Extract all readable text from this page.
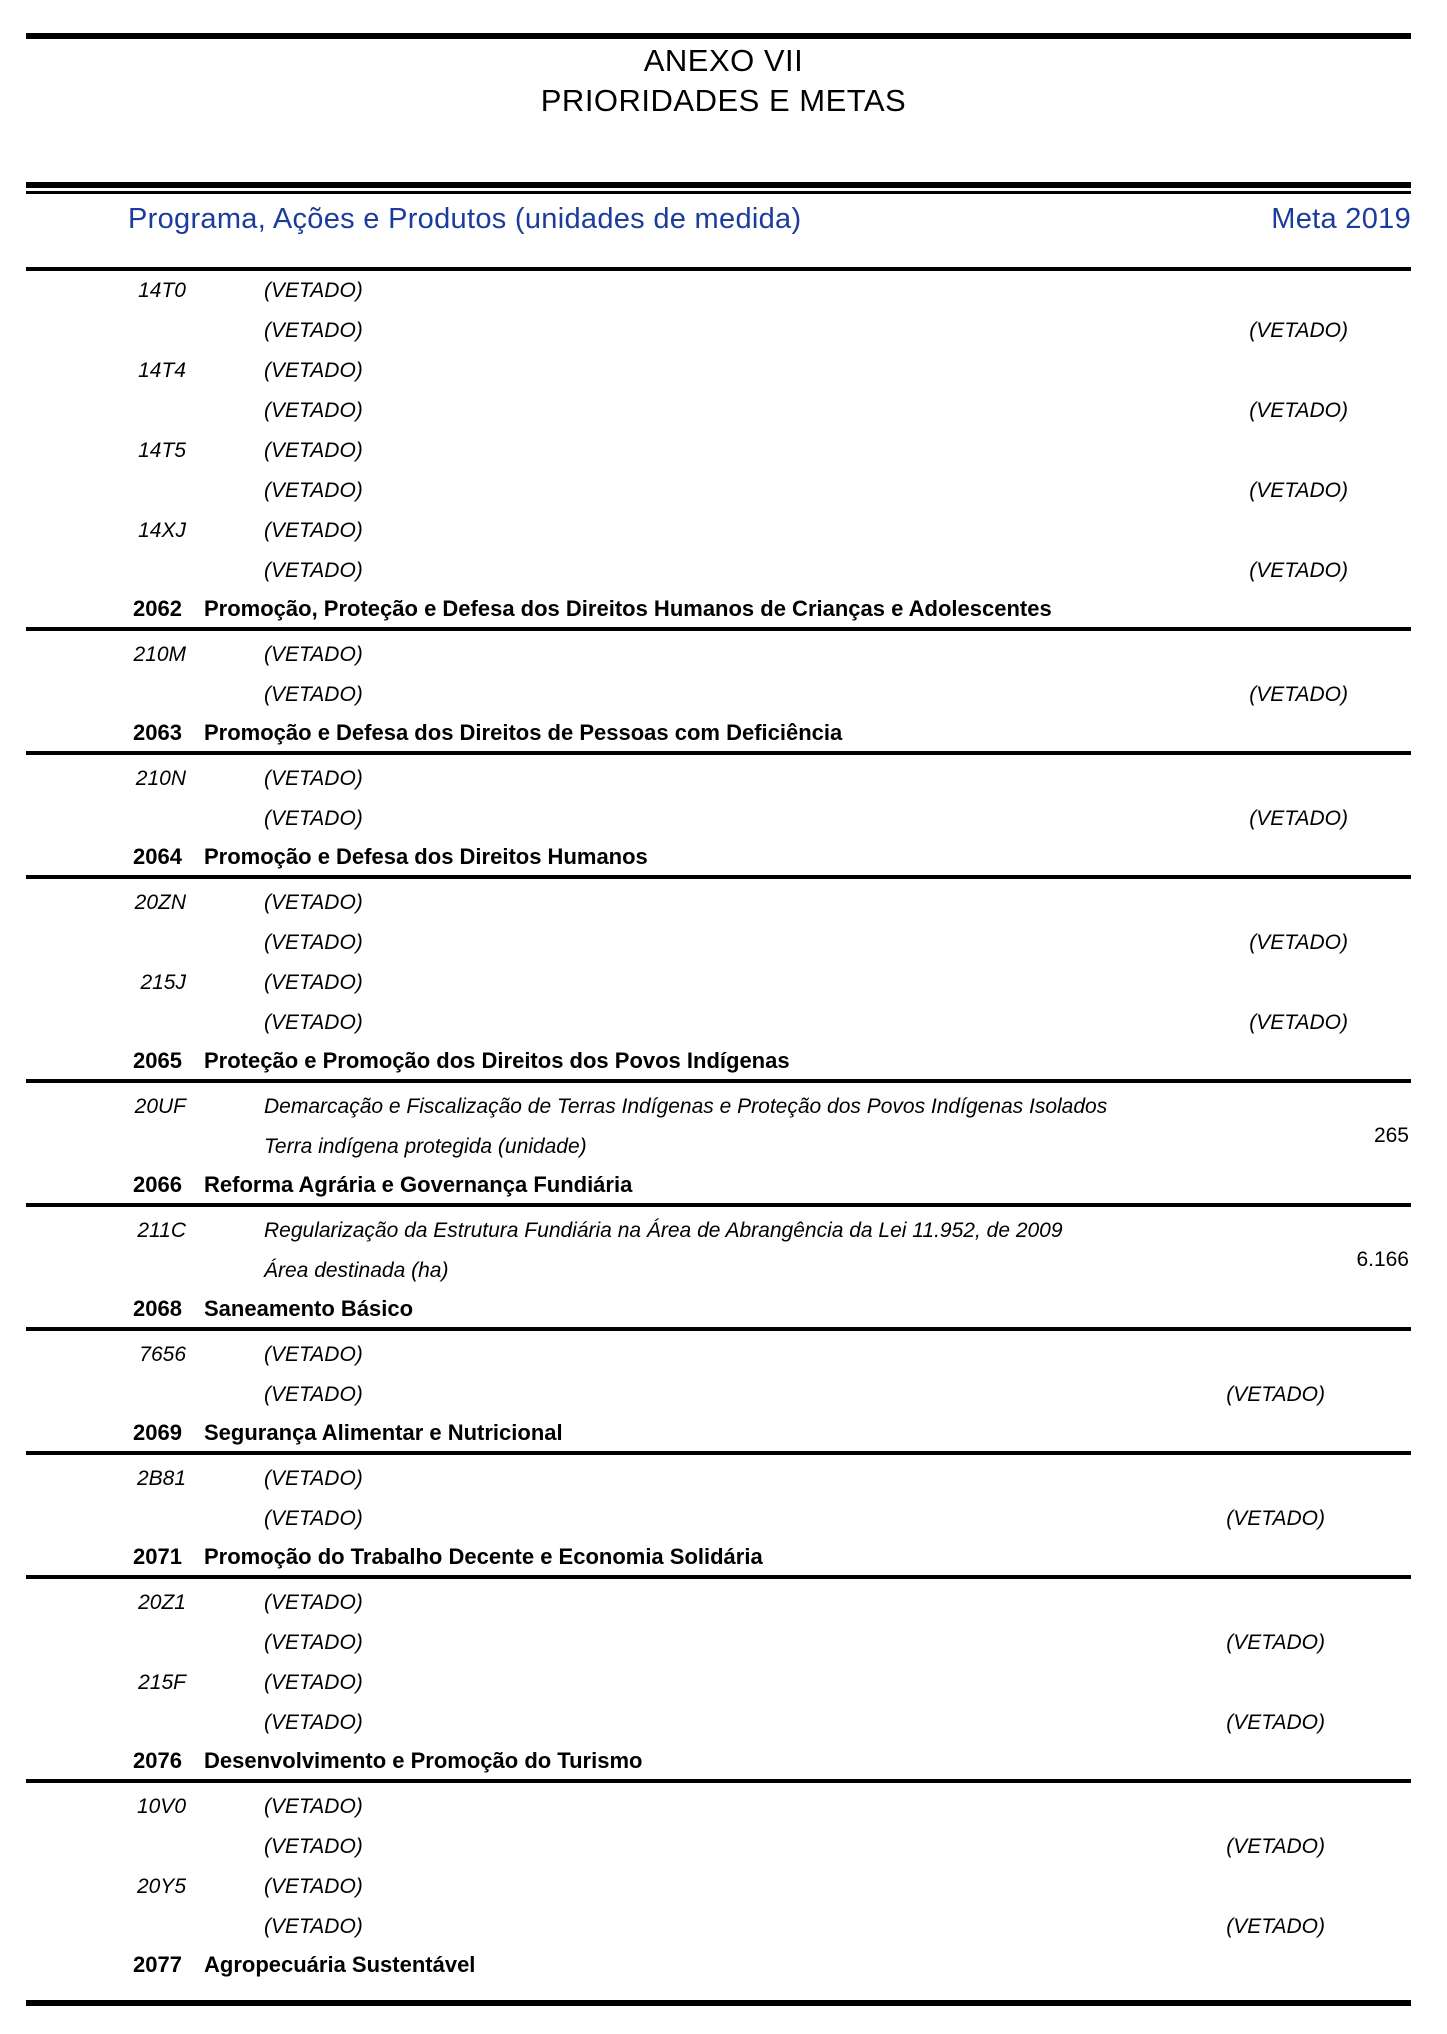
ANEXO VII
PRIORIDADES E METAS
Programa, Ações e Produtos (unidades de medida)	Meta 2019
14T0	(VETADO)
(VETADO)	(VETADO)
14T4	(VETADO)
(VETADO)	(VETADO)
14T5	(VETADO)
(VETADO)	(VETADO)
14XJ	(VETADO)
(VETADO)	(VETADO)
2062	Promoção, Proteção e Defesa dos Direitos Humanos de Crianças e Adolescentes
210M	(VETADO)
(VETADO)	(VETADO)
2063	Promoção e Defesa dos Direitos de Pessoas com Deficiência
210N	(VETADO)
(VETADO)	(VETADO)
2064	Promoção e Defesa dos Direitos Humanos
20ZN	(VETADO)
(VETADO)	(VETADO)
215J	(VETADO)
(VETADO)	(VETADO)
2065	Proteção e Promoção dos Direitos dos Povos Indígenas
20UF	Demarcação e Fiscalização de Terras Indígenas e Proteção dos Povos Indígenas Isolados
Terra indígena protegida (unidade)	265
2066	Reforma Agrária e Governança Fundiária
211C	Regularização da Estrutura Fundiária na Área de Abrangência da Lei 11.952, de 2009
Área destinada (ha)	6.166
2068	Saneamento Básico
7656	(VETADO)
(VETADO)	(VETADO)
2069	Segurança Alimentar e Nutricional
2B81	(VETADO)
(VETADO)	(VETADO)
2071	Promoção do Trabalho Decente e Economia Solidária
20Z1	(VETADO)
(VETADO)	(VETADO)
215F	(VETADO)
(VETADO)	(VETADO)
2076	Desenvolvimento e Promoção do Turismo
10V0	(VETADO)
(VETADO)	(VETADO)
20Y5	(VETADO)
(VETADO)	(VETADO)
2077	Agropecuária Sustentável
